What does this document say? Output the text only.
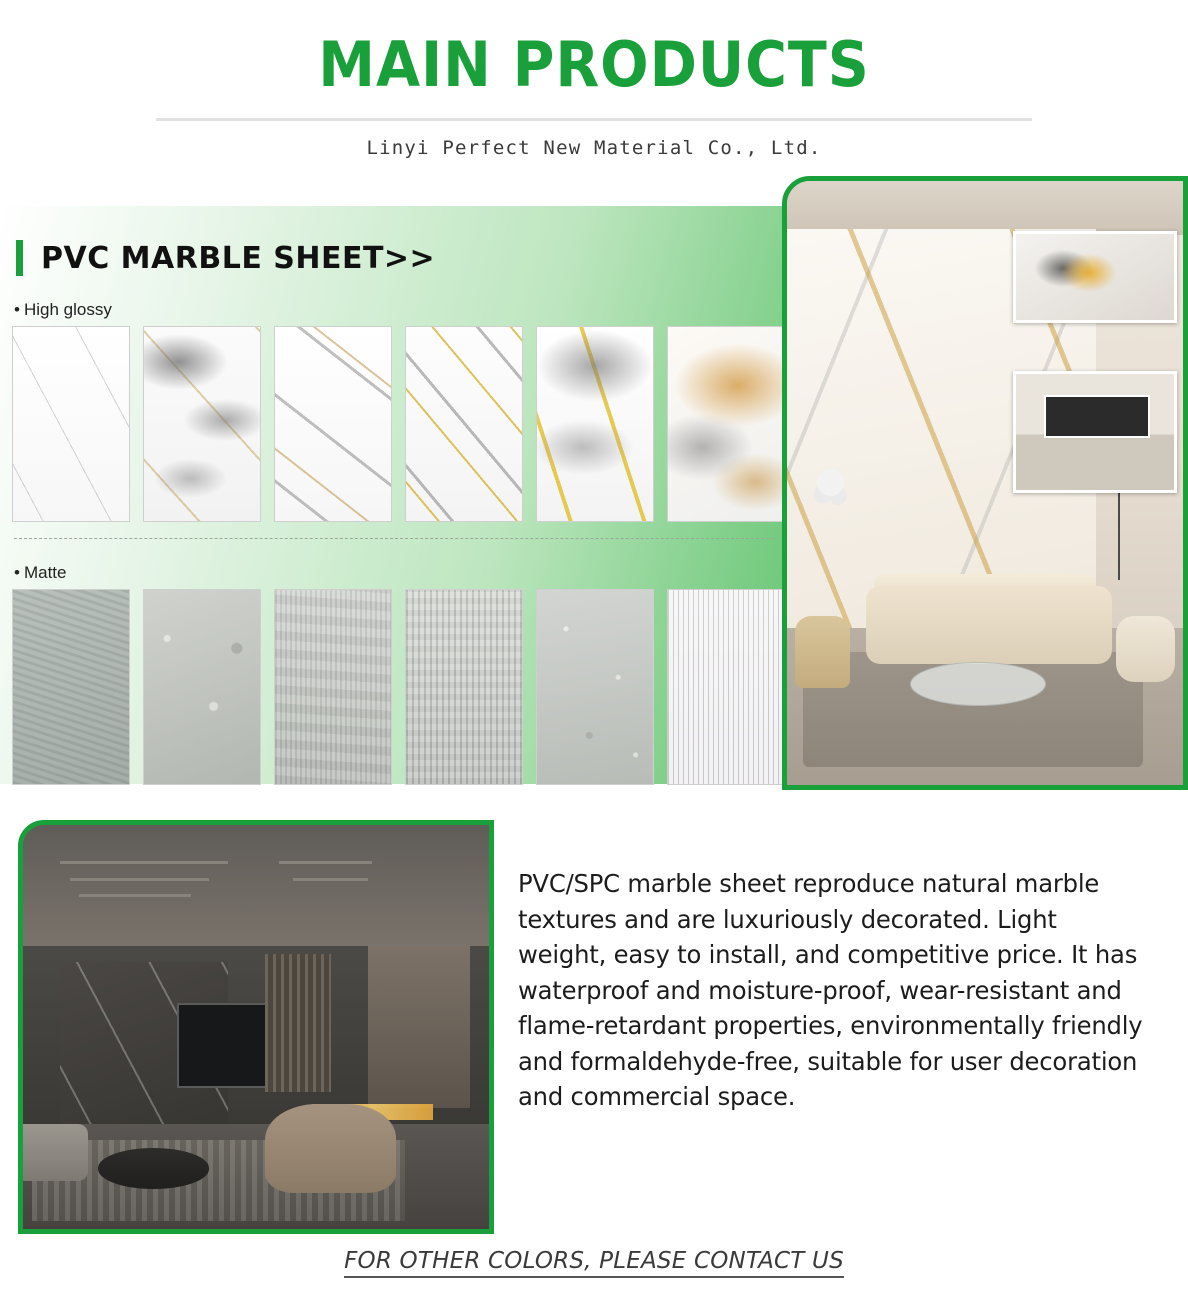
MAIN PRODUCTS

Linyi Perfect New Material Co., Ltd.

PVC MARBLE SHEET>>
• High glossy
• Matte
PVC/SPC marble sheet reproduce natural marble textures and are luxuriously decorated. Light weight, easy to install, and competitive price. It has waterproof and moisture-proof, wear-resistant and flame-retardant properties, environmentally friendly and formaldehyde-free, suitable for user decoration and commercial space.
FOR OTHER COLORS, PLEASE CONTACT US
